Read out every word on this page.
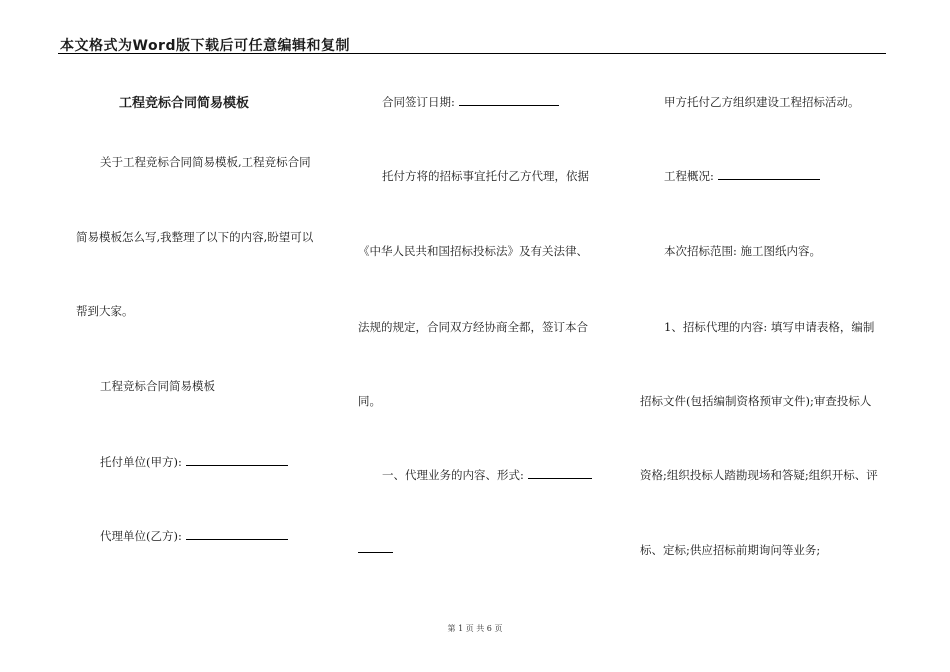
本文格式为Word版下载后可任意编辑和复制
工程竞标合同简易模板
关于工程竞标合同简易模板,工程竞标合同
简易模板怎么写,我整理了以下的内容,盼望可以
帮到大家。
工程竞标合同简易模板
托付单位(甲方):
代理单位(乙方):
合同签订日期:
托付方将的招标事宜托付乙方代理，依据
《中华人民共和国招标投标法》及有关法律、
法规的规定，合同双方经协商全都，签订本合
同。
一、代理业务的内容、形式:
甲方托付乙方组织建设工程招标活动。
工程概况:
本次招标范围: 施工图纸内容。
1、招标代理的内容: 填写申请表格，编制
招标文件(包括编制资格预审文件);审查投标人
资格;组织投标人踏勘现场和答疑;组织开标、评
标、定标;供应招标前期询问等业务;
第 1 页 共 6 页
